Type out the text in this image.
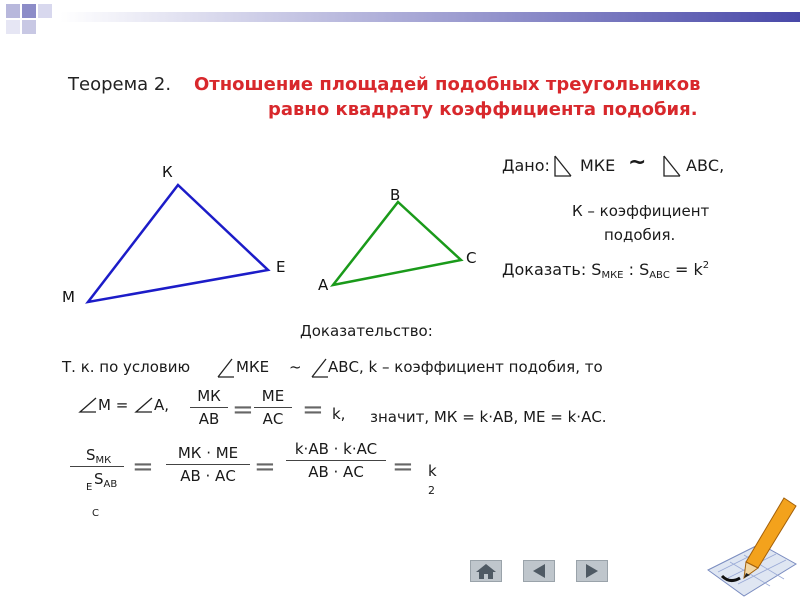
Теорема 2. Отношение площадей подобных треугольников
равно квадрату коэффициента подобия.
К
Е
М
В
С
А
Дано: МКЕ ~ АВС,
К – коэффициент
подобия.
Доказать: $S_{МКЕ}$ : $S_{АВС} = k^2$
Доказательство:
Т. к. по условию	МКЕ ~ АВС, k – коэффициент подобия, то
M = A,	МК
АВ = МЕ
АС = k, значит, МК = k·АВ, МЕ = k·АС.
$S_{МК}$
Е $S_{АВ}$
С
=	МК · МЕ
АВ · АС =
k·AB · k·AC
АВ · АС	= k
2
